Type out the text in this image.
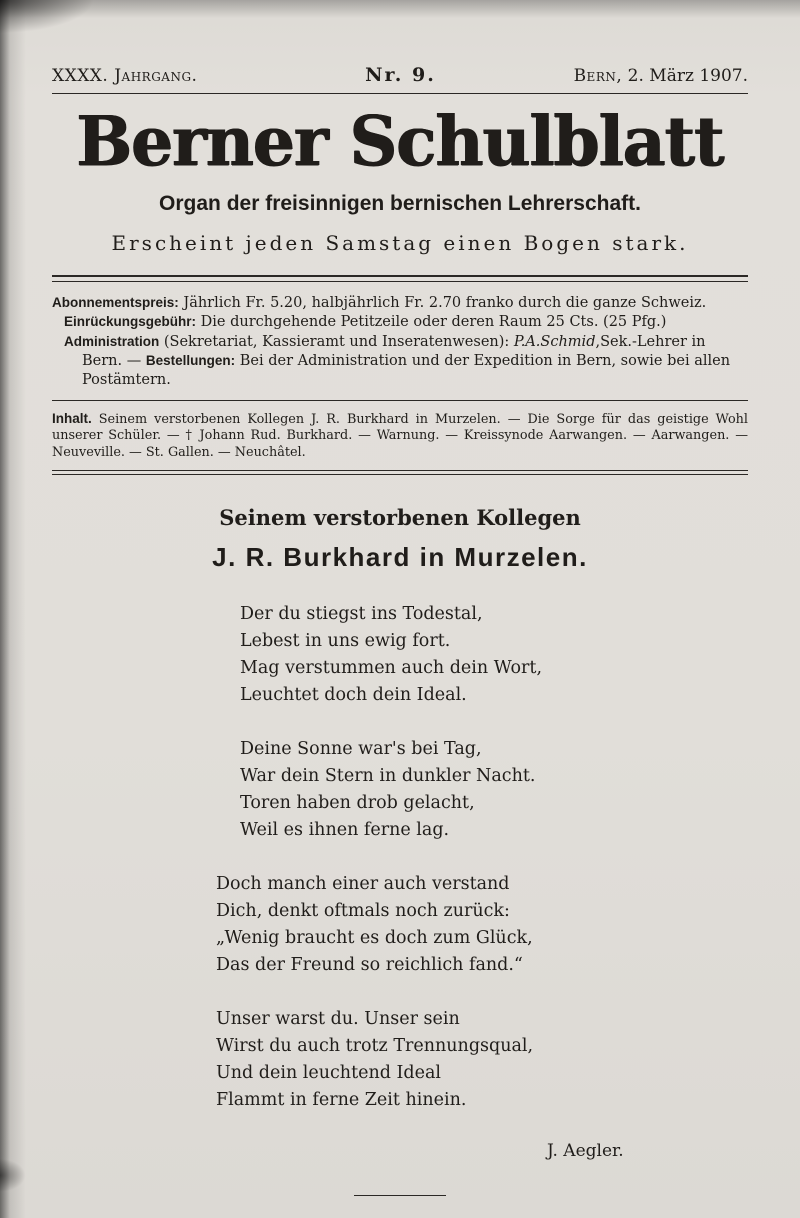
XXXX. Jahrgang.	Nr. 9.	Bern, 2. März 1907.
Berner Schulblatt
Organ der freisinnigen bernischen Lehrerschaft.
Erscheint jeden Samstag einen Bogen stark.

Abonnementspreis: Jährlich Fr. 5.20, halbjährlich Fr. 2.70 franko durch die ganze Schweiz.

Einrückungsgebühr: Die durchgehende Petitzeile oder deren Raum 25 Cts. (25 Pfg.)

Administration (Sekretariat, Kassieramt und Inseratenwesen): P.A.Schmid,Sek.-Lehrer in Bern. — Bestellungen: Bei der Administration und der Expedition in Bern, sowie bei allen Postämtern.

Inhalt. Seinem verstorbenen Kollegen J. R. Burkhard in Murzelen. — Die Sorge für das geistige Wohl unserer Schüler. — † Johann Rud. Burkhard. — Warnung. — Kreissynode Aarwangen. — Aarwangen. — Neuveville. — St. Gallen. — Neuchâtel.

Seinem verstorbenen Kollegen
J. R. Burkhard in Murzelen.

Der du stiegst ins Todestal,

Lebest in uns ewig fort.

Mag verstummen auch dein Wort,

Leuchtet doch dein Ideal.

Deine Sonne war's bei Tag,

War dein Stern in dunkler Nacht.

Toren haben drob gelacht,

Weil es ihnen ferne lag.

Doch manch einer auch verstand

Dich, denkt oftmals noch zurück:

„Wenig braucht es doch zum Glück,

Das der Freund so reichlich fand.“

Unser warst du. Unser sein

Wirst du auch trotz Trennungsqual,

Und dein leuchtend Ideal

Flammt in ferne Zeit hinein.

J. Aegler.
